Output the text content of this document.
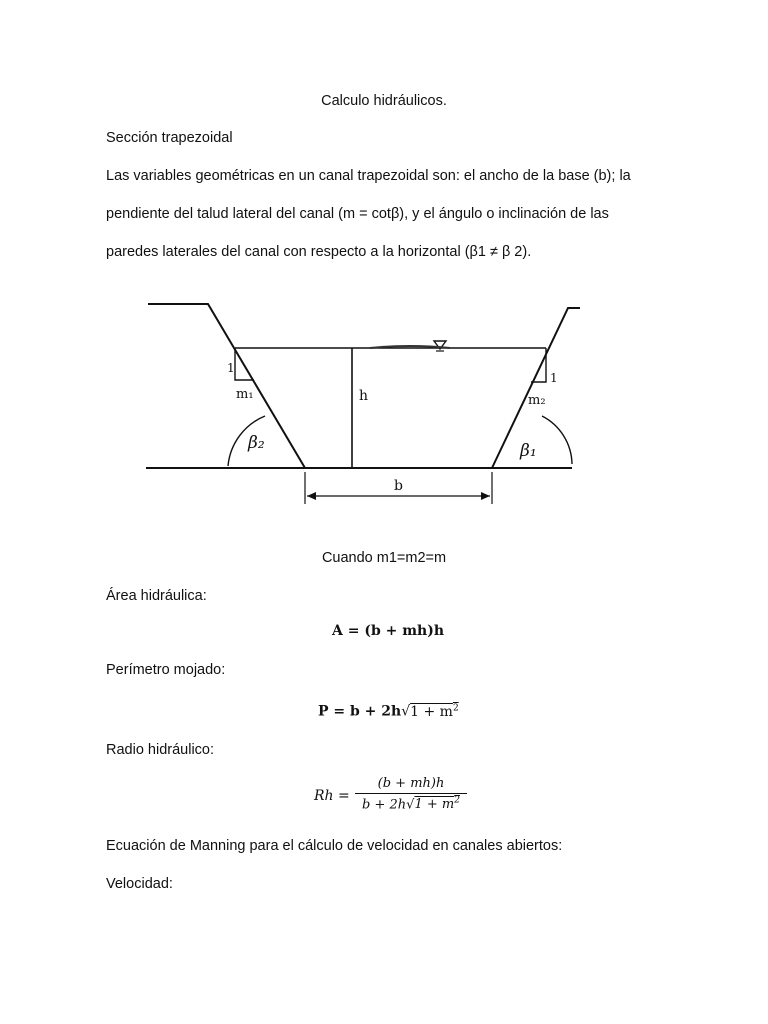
Calculo hidráulicos.
Sección trapezoidal
Las variables geométricas en un canal trapezoidal son: el ancho de la base (b); la
pendiente del talud lateral del canal (m = cotβ), y el ángulo o inclinación de las
paredes laterales del canal con respecto a la horizontal (β1 ≠ β 2).
h
b
1
1
m₁	m₂
β₂	β₁
Cuando m1=m2=m
Área hidráulica:
A = (b + mh)h
Perímetro mojado:
$P = b + 2h√1 + m^2$
Radio hidráulico:
Rh =
(b + mh)h
$b + 2h√1 + m^2$
Ecuación de Manning para el cálculo de velocidad en canales abiertos:
Velocidad:
